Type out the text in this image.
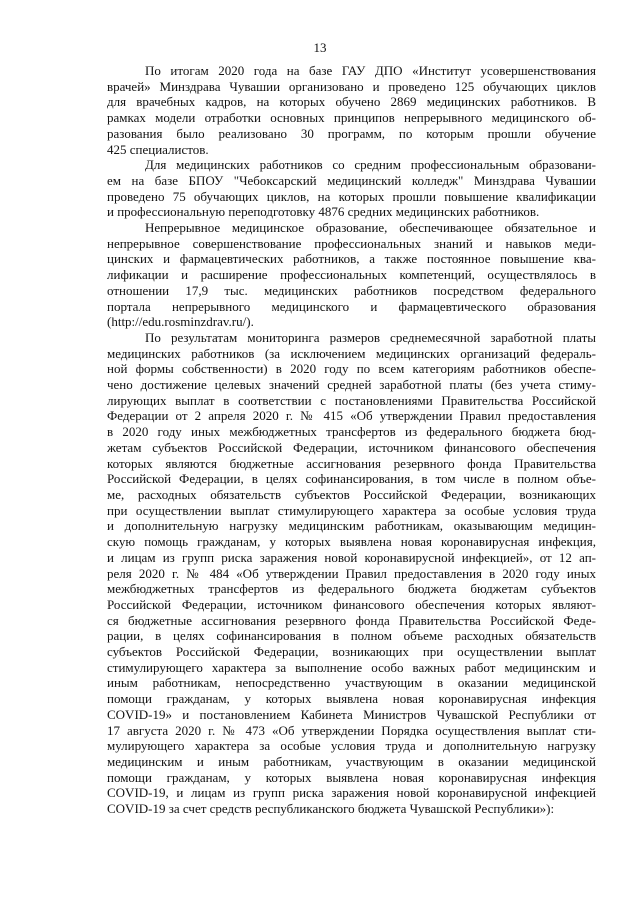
13
По итогам 2020 года на базе ГАУ ДПО «Институт усовершенствования
врачей» Минздрава Чувашии организовано и проведено 125 обучающих циклов
для врачебных кадров, на которых обучено 2869 медицинских работников. В
рамках модели отработки основных принципов непрерывного медицинского об-
разования было реализовано 30 программ, по которым прошли обучение
425 специалистов.
Для медицинских работников со средним профессиональным образовани-
ем на базе БПОУ "Чебоксарский медицинский колледж" Минздрава Чувашии
проведено 75 обучающих циклов, на которых прошли повышение квалификации
и профессиональную переподготовку 4876 средних медицинских работников.
Непрерывное медицинское образование, обеспечивающее обязательное и
непрерывное совершенствование профессиональных знаний и навыков меди-
цинских и фармацевтических работников, а также постоянное повышение ква-
лификации и расширение профессиональных компетенций, осуществлялось в
отношении 17,9 тыс. медицинских работников посредством федерального
портала непрерывного медицинского и фармацевтического образования
(http://edu.rosminzdrav.ru/).
По результатам мониторинга размеров среднемесячной заработной платы
медицинских работников (за исключением медицинских организаций федераль-
ной формы собственности) в 2020 году по всем категориям работников обеспе-
чено достижение целевых значений средней заработной платы (без учета стиму-
лирующих выплат в соответствии с постановлениями Правительства Российской
Федерации от 2 апреля 2020 г. № 415 «Об утверждении Правил предоставления
в 2020 году иных межбюджетных трансфертов из федерального бюджета бюд-
жетам субъектов Российской Федерации, источником финансового обеспечения
которых являются бюджетные ассигнования резервного фонда Правительства
Российской Федерации, в целях софинансирования, в том числе в полном объе-
ме, расходных обязательств субъектов Российской Федерации, возникающих
при осуществлении выплат стимулирующего характера за особые условия труда
и дополнительную нагрузку медицинским работникам, оказывающим медицин-
скую помощь гражданам, у которых выявлена новая коронавирусная инфекция,
и лицам из групп риска заражения новой коронавирусной инфекцией», от 12 ап-
реля 2020 г. № 484 «Об утверждении Правил предоставления в 2020 году иных
межбюджетных трансфертов из федерального бюджета бюджетам субъектов
Российской Федерации, источником финансового обеспечения которых являют-
ся бюджетные ассигнования резервного фонда Правительства Российской Феде-
рации, в целях софинансирования в полном объеме расходных обязательств
субъектов Российской Федерации, возникающих при осуществлении выплат
стимулирующего характера за выполнение особо важных работ медицинским и
иным работникам, непосредственно участвующим в оказании медицинской
помощи гражданам, у которых выявлена новая коронавирусная инфекция
COVID-19» и постановлением Кабинета Министров Чувашской Республики от
17 августа 2020 г. № 473 «Об утверждении Порядка осуществления выплат сти-
мулирующего характера за особые условия труда и дополнительную нагрузку
медицинским и иным работникам, участвующим в оказании медицинской
помощи гражданам, у которых выявлена новая коронавирусная инфекция
COVID-19, и лицам из групп риска заражения новой коронавирусной инфекцией
COVID-19 за счет средств республиканского бюджета Чувашской Республики»):
